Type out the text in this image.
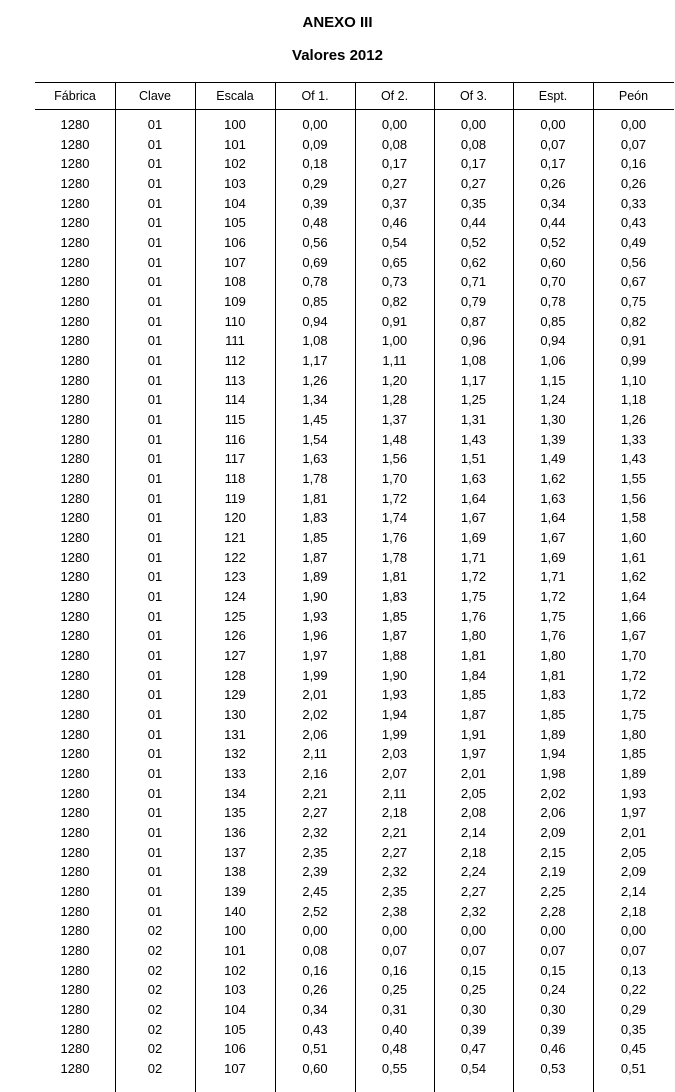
ANEXO III
Valores 2012
Fábrica	Clave	Escala	Of 1.	Of 2.	Of 3.	Espt.	Peón
1280	01	100	0,00	0,00	0,00	0,00	0,00
1280	01	101	0,09	0,08	0,08	0,07	0,07
1280	01	102	0,18	0,17	0,17	0,17	0,16
1280	01	103	0,29	0,27	0,27	0,26	0,26
1280	01	104	0,39	0,37	0,35	0,34	0,33
1280	01	105	0,48	0,46	0,44	0,44	0,43
1280	01	106	0,56	0,54	0,52	0,52	0,49
1280	01	107	0,69	0,65	0,62	0,60	0,56
1280	01	108	0,78	0,73	0,71	0,70	0,67
1280	01	109	0,85	0,82	0,79	0,78	0,75
1280	01	110	0,94	0,91	0,87	0,85	0,82
1280	01	111	1,08	1,00	0,96	0,94	0,91
1280	01	112	1,17	1,11	1,08	1,06	0,99
1280	01	113	1,26	1,20	1,17	1,15	1,10
1280	01	114	1,34	1,28	1,25	1,24	1,18
1280	01	115	1,45	1,37	1,31	1,30	1,26
1280	01	116	1,54	1,48	1,43	1,39	1,33
1280	01	117	1,63	1,56	1,51	1,49	1,43
1280	01	118	1,78	1,70	1,63	1,62	1,55
1280	01	119	1,81	1,72	1,64	1,63	1,56
1280	01	120	1,83	1,74	1,67	1,64	1,58
1280	01	121	1,85	1,76	1,69	1,67	1,60
1280	01	122	1,87	1,78	1,71	1,69	1,61
1280	01	123	1,89	1,81	1,72	1,71	1,62
1280	01	124	1,90	1,83	1,75	1,72	1,64
1280	01	125	1,93	1,85	1,76	1,75	1,66
1280	01	126	1,96	1,87	1,80	1,76	1,67
1280	01	127	1,97	1,88	1,81	1,80	1,70
1280	01	128	1,99	1,90	1,84	1,81	1,72
1280	01	129	2,01	1,93	1,85	1,83	1,72
1280	01	130	2,02	1,94	1,87	1,85	1,75
1280	01	131	2,06	1,99	1,91	1,89	1,80
1280	01	132	2,11	2,03	1,97	1,94	1,85
1280	01	133	2,16	2,07	2,01	1,98	1,89
1280	01	134	2,21	2,11	2,05	2,02	1,93
1280	01	135	2,27	2,18	2,08	2,06	1,97
1280	01	136	2,32	2,21	2,14	2,09	2,01
1280	01	137	2,35	2,27	2,18	2,15	2,05
1280	01	138	2,39	2,32	2,24	2,19	2,09
1280	01	139	2,45	2,35	2,27	2,25	2,14
1280	01	140	2,52	2,38	2,32	2,28	2,18
1280	02	100	0,00	0,00	0,00	0,00	0,00
1280	02	101	0,08	0,07	0,07	0,07	0,07
1280	02	102	0,16	0,16	0,15	0,15	0,13
1280	02	103	0,26	0,25	0,25	0,24	0,22
1280	02	104	0,34	0,31	0,30	0,30	0,29
1280	02	105	0,43	0,40	0,39	0,39	0,35
1280	02	106	0,51	0,48	0,47	0,46	0,45
1280	02	107	0,60	0,55	0,54	0,53	0,51
